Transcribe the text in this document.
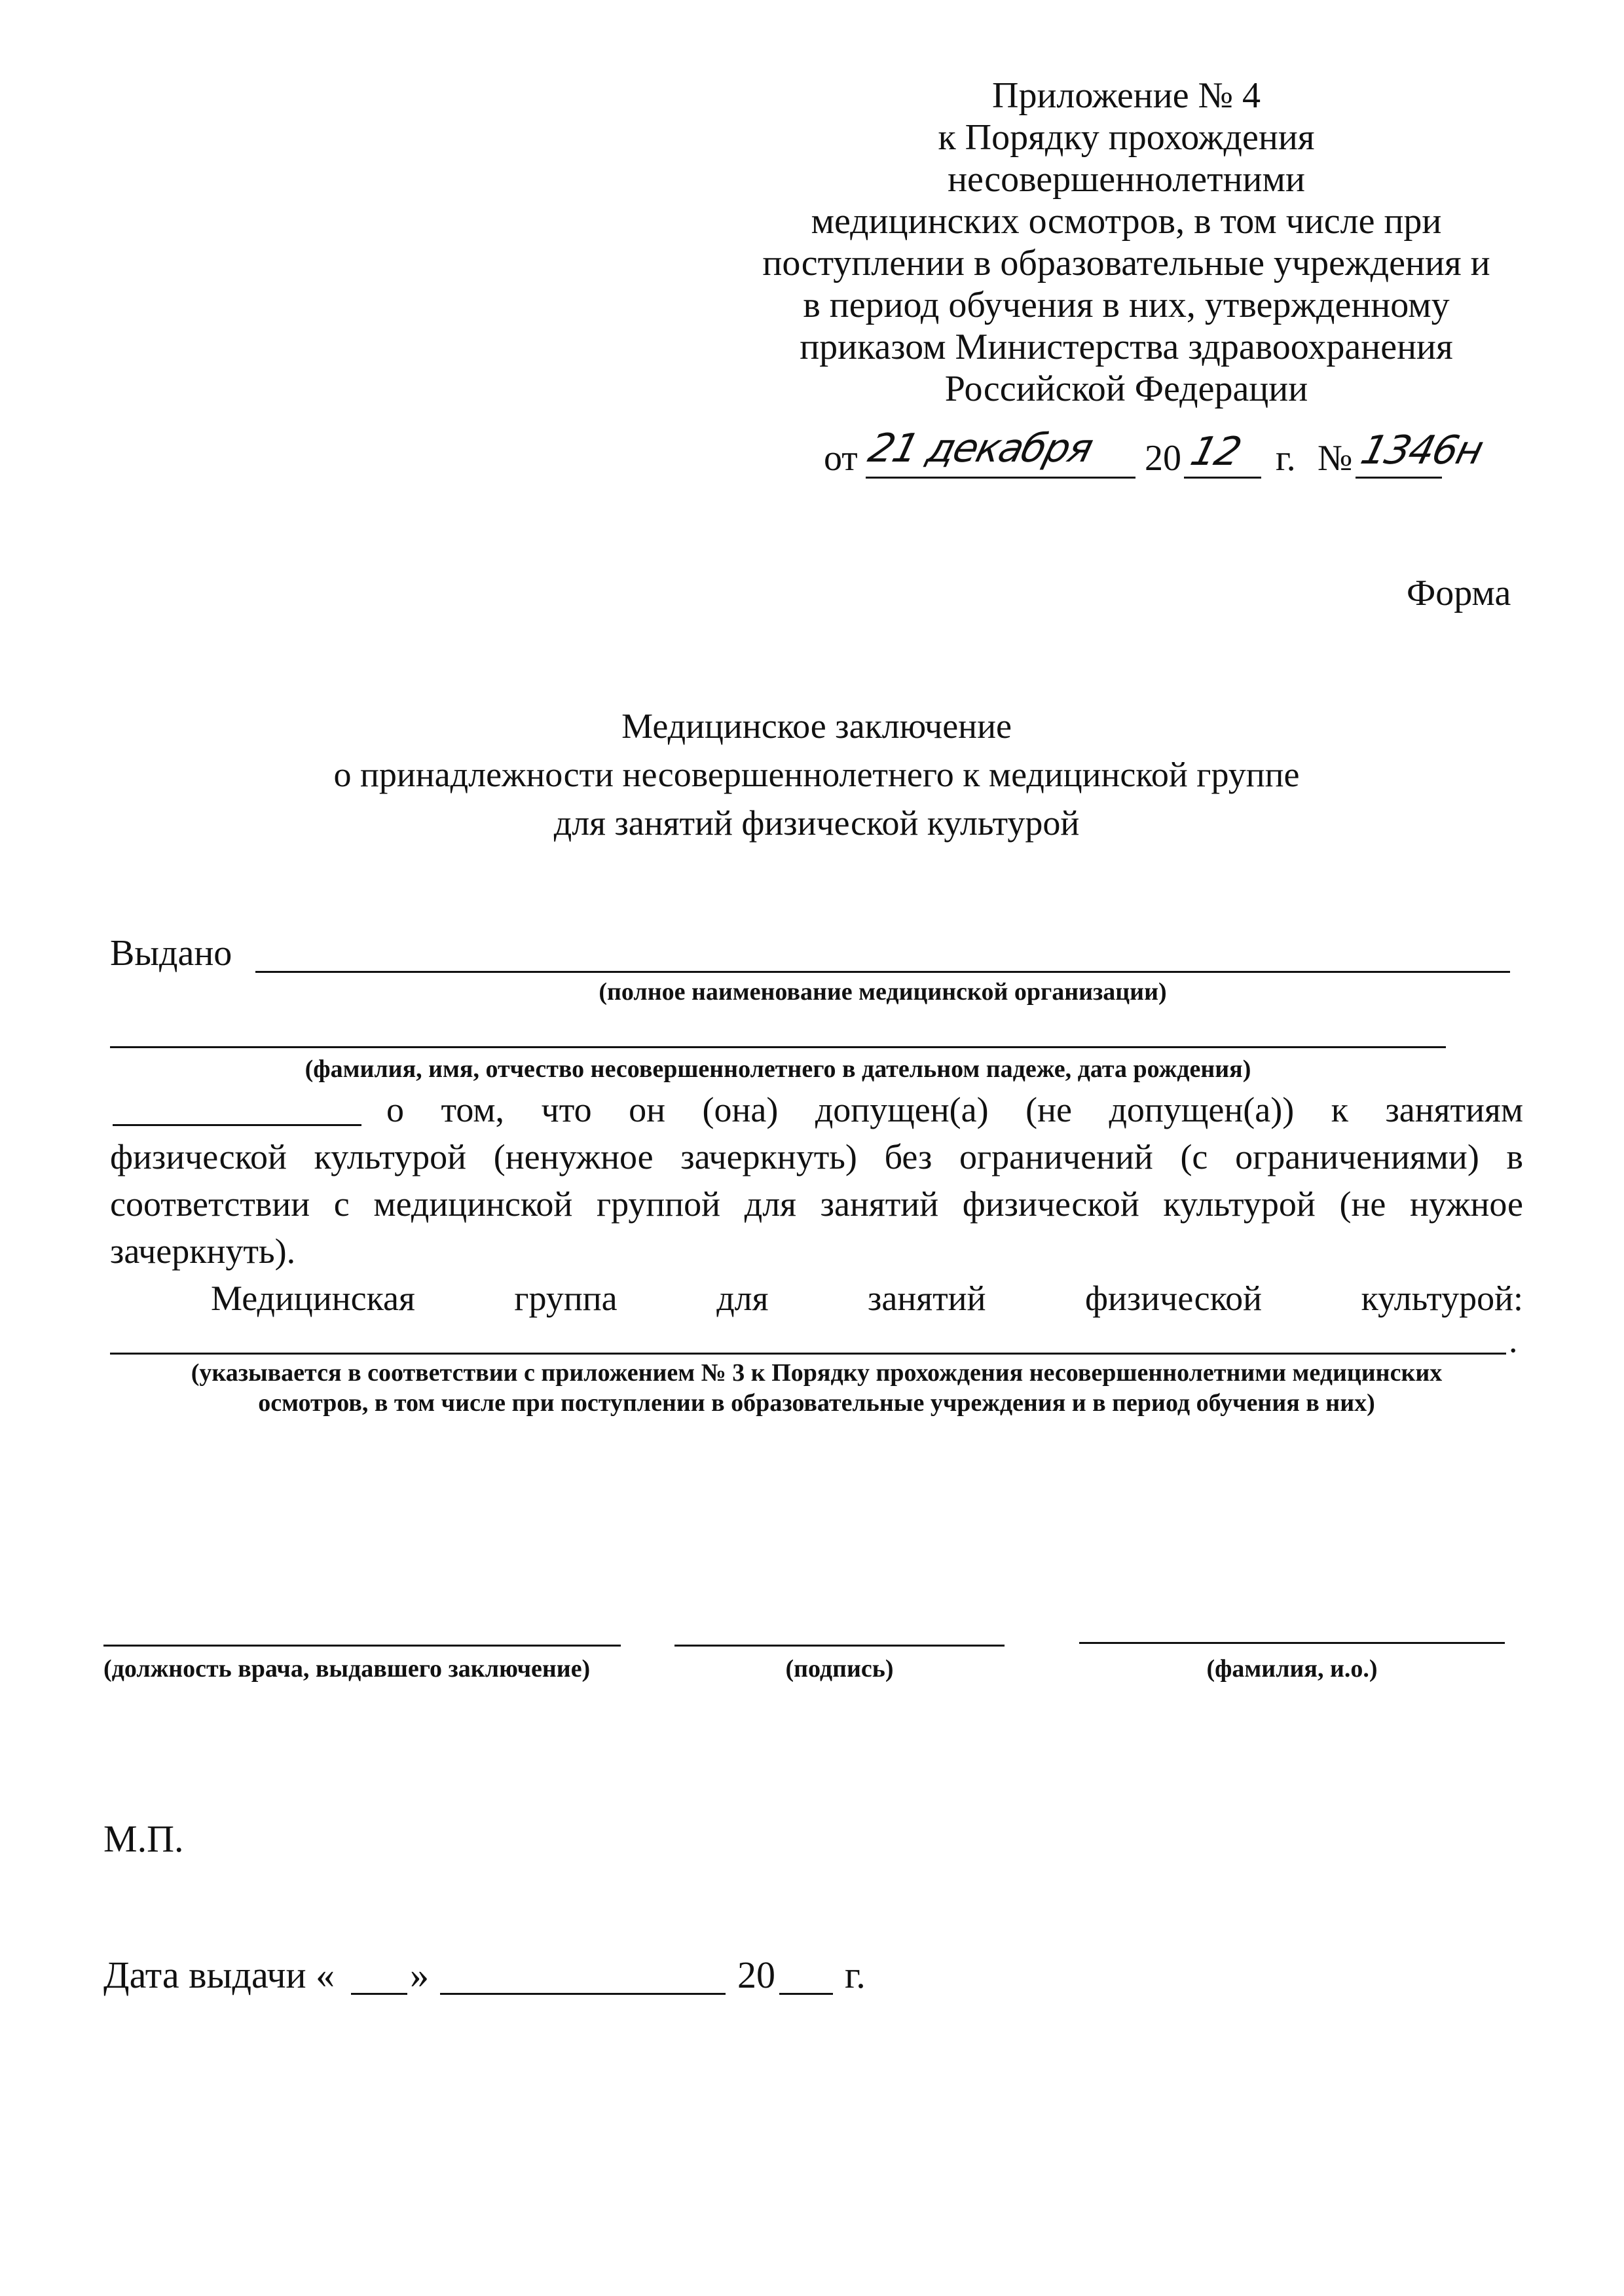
Приложение № 4
к Порядку прохождения
несовершеннолетними
медицинских осмотров, в том числе при
поступлении в образовательные учреждения и
в период обучения в них, утвержденному
приказом Министерства здравоохранения
Российской Федерации
от 21 декабря 20 12 г. № 1346н
Форма
Медицинское заключение
о принадлежности несовершеннолетнего к медицинской группе
для занятий физической культурой
Выдано
(полное наименование медицинской организации)
(фамилия, имя, отчество несовершеннолетнего в дательном падеже, дата рождения)
о том, что он (она) допущен(а) (не допущен(а)) к занятиям
физической культурой (ненужное зачеркнуть) без ограничений (с ограничениями) в
соответствии с медицинской группой для занятий физической культурой (не нужное
зачеркнуть).
Медицинская	группа	для	занятий	физической	культурой:
.
(указывается в соответствии с приложением № 3 к Порядку прохождения несовершеннолетними медицинских
осмотров, в том числе при поступлении в образовательные учреждения и в период обучения в них)
(должность врача, выдавшего заключение)	(подпись)	(фамилия, и.о.)
М.П.
Дата выдачи « »	20 г.
